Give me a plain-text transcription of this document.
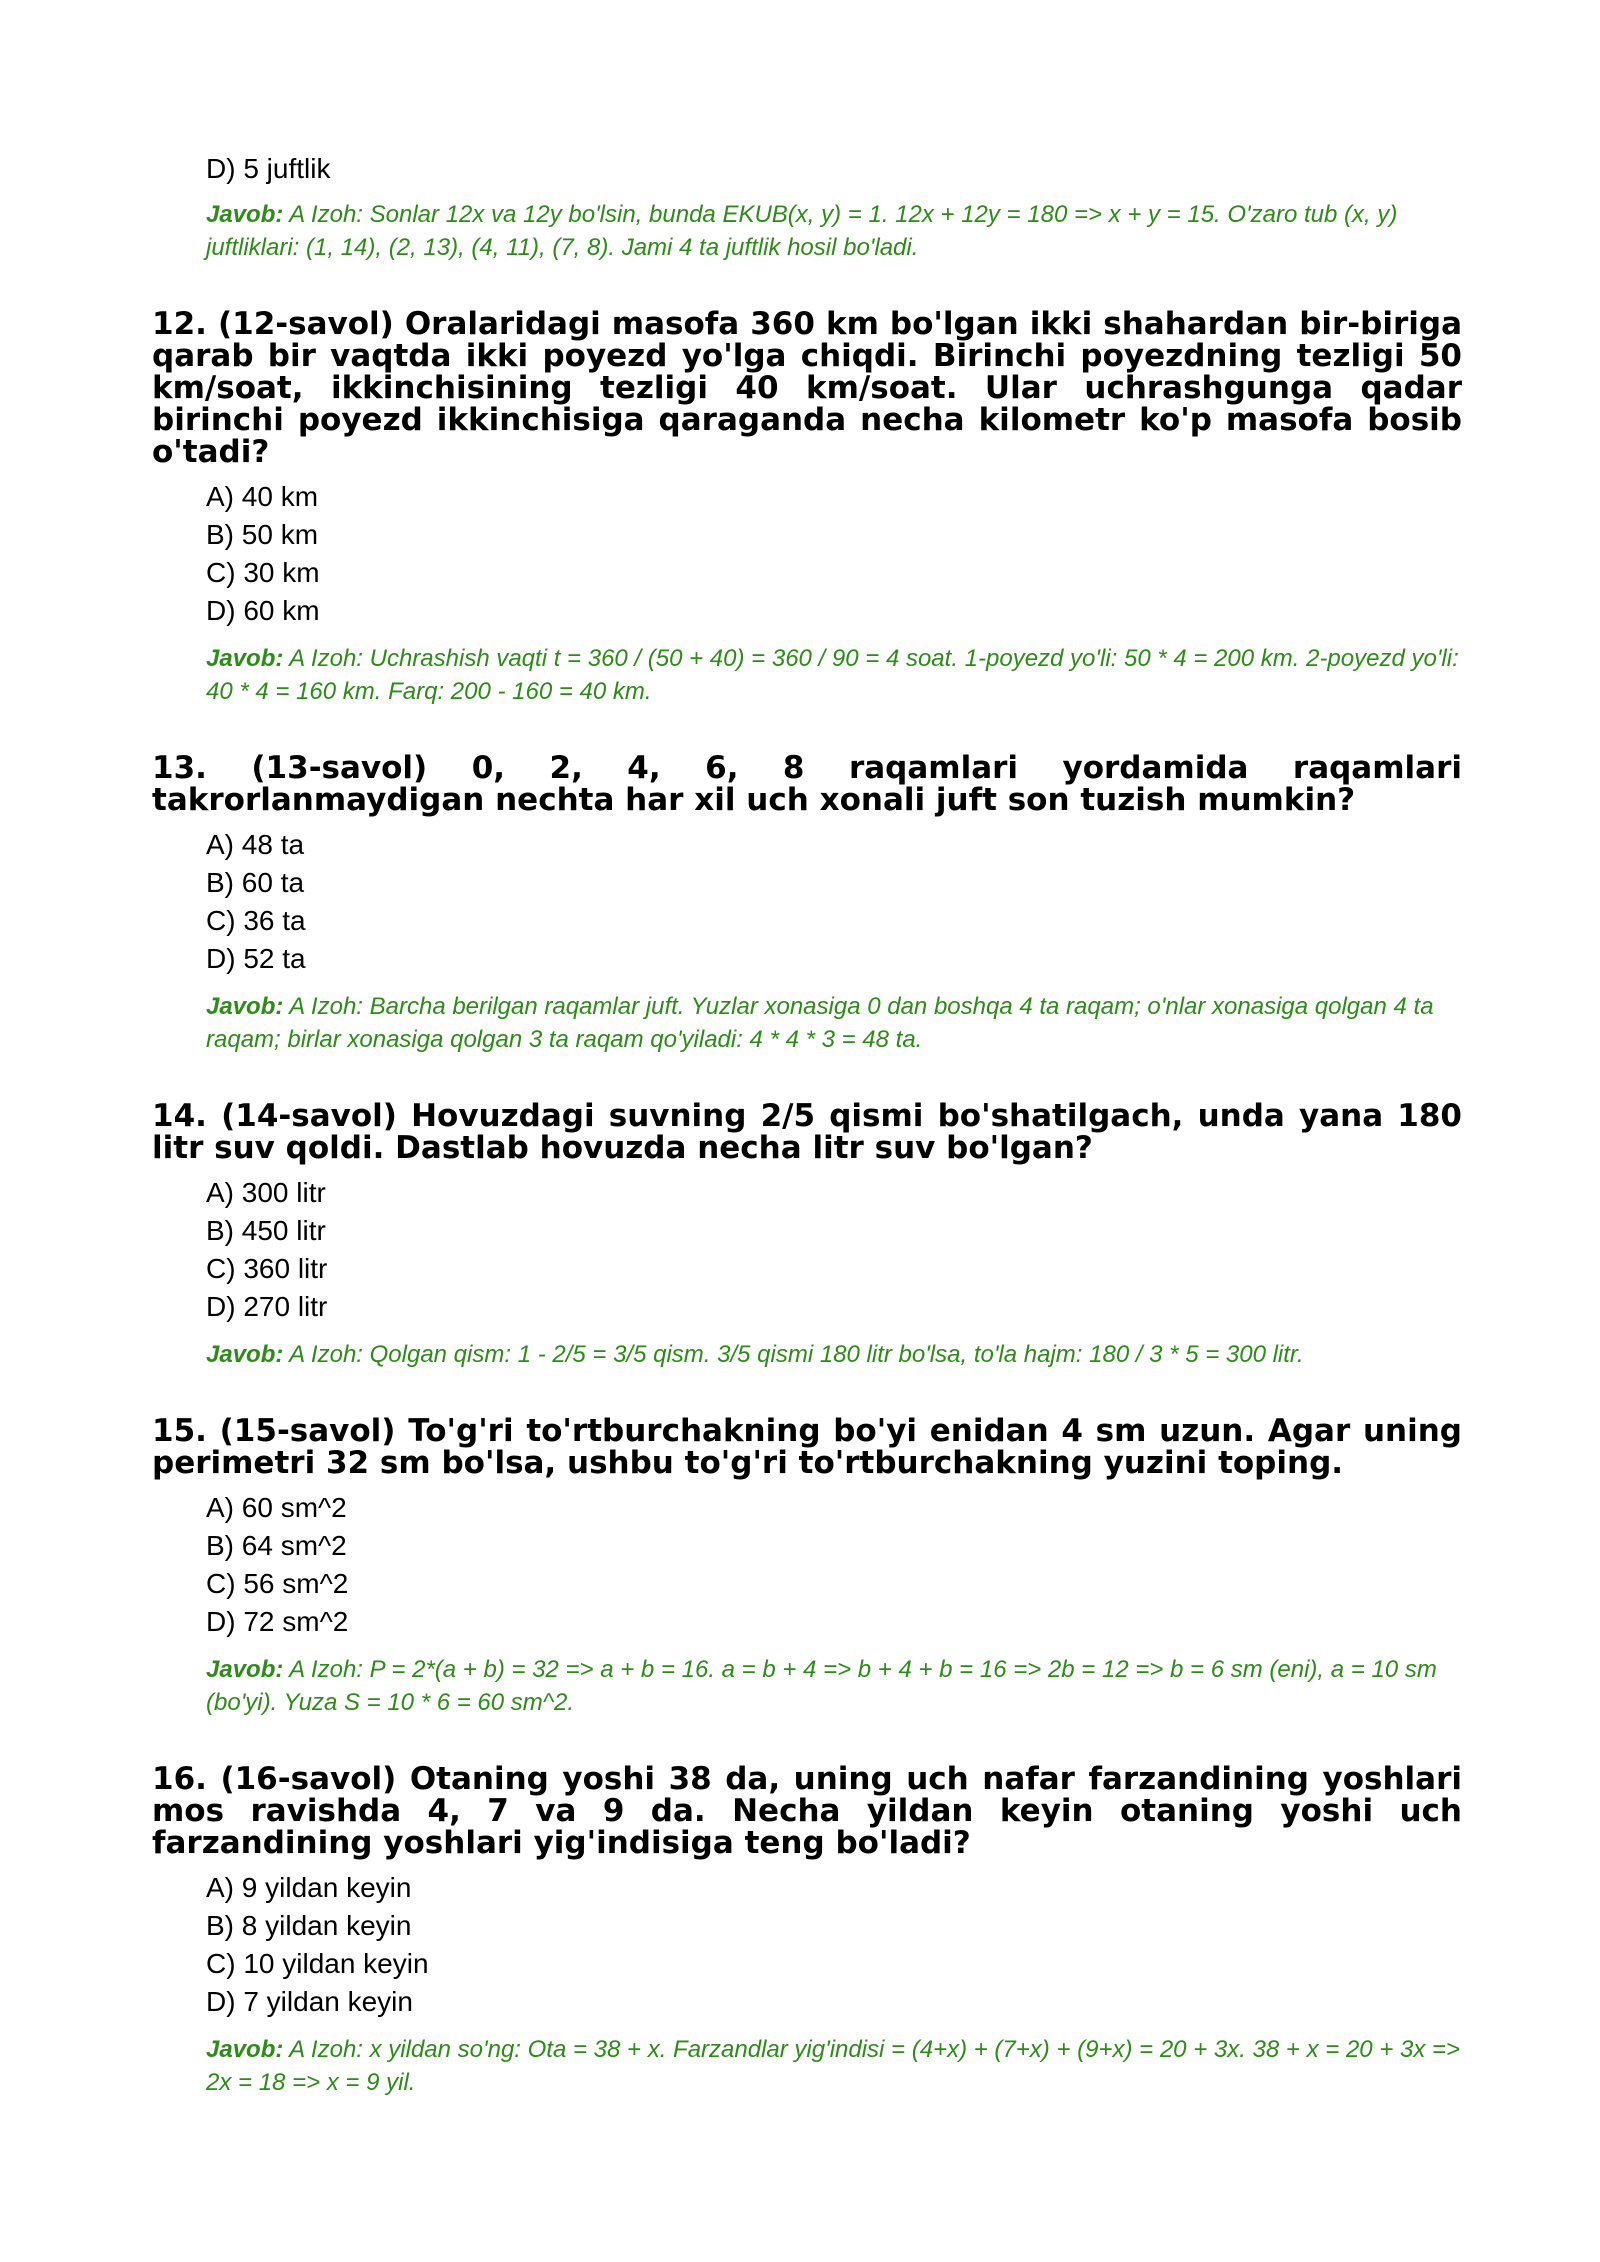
D) 5 juftlik
Javob: A Izoh: Sonlar 12x va 12y bo'lsin, bunda EKUB(x, y) = 1. 12x + 12y = 180 => x + y = 15. O'zaro tub (x, y) juftliklari: (1, 14), (2, 13), (4, 11), (7, 8). Jami 4 ta juftlik hosil bo'ladi.

12. (12-savol) Oralaridagi masofa 360 km bo'lgan ikki shahardan bir-biriga qarab bir vaqtda ikki poyezd yo'lga chiqdi. Birinchi poyezdning tezligi 50 km/soat, ikkinchisining tezligi 40 km/soat. Ular uchrashgunga qadar birinchi poyezd ikkinchisiga qaraganda necha kilometr ko'p masofa bosib o'tadi?

A) 40 km
B) 50 km
C) 30 km
D) 60 km
Javob: A Izoh: Uchrashish vaqti t = 360 / (50 + 40) = 360 / 90 = 4 soat. 1-poyezd yo'li: 50 * 4 = 200 km. 2-poyezd yo'li: 40 * 4 = 160 km. Farq: 200 - 160 = 40 km.

13. (13-savol) 0, 2, 4, 6, 8 raqamlari yordamida raqamlari takrorlanmaydigan nechta har xil uch xonali juft son tuzish mumkin?

A) 48 ta
B) 60 ta
C) 36 ta
D) 52 ta
Javob: A Izoh: Barcha berilgan raqamlar juft. Yuzlar xonasiga 0 dan boshqa 4 ta raqam; o'nlar xonasiga qolgan 4 ta raqam; birlar xonasiga qolgan 3 ta raqam qo'yiladi: 4 * 4 * 3 = 48 ta.

14. (14-savol) Hovuzdagi suvning 2/5 qismi bo'shatilgach, unda yana 180 litr suv qoldi. Dastlab hovuzda necha litr suv bo'lgan?

A) 300 litr
B) 450 litr
C) 360 litr
D) 270 litr
Javob: A Izoh: Qolgan qism: 1 - 2/5 = 3/5 qism. 3/5 qismi 180 litr bo'lsa, to'la hajm: 180 / 3 * 5 = 300 litr.

15. (15-savol) To'g'ri to'rtburchakning bo'yi enidan 4 sm uzun. Agar uning perimetri 32 sm bo'lsa, ushbu to'g'ri to'rtburchakning yuzini toping.

A) 60 sm^2
B) 64 sm^2
C) 56 sm^2
D) 72 sm^2
Javob: A Izoh: P = 2*(a + b) = 32 => a + b = 16. a = b + 4 => b + 4 + b = 16 => 2b = 12 => b = 6 sm (eni), a = 10 sm (bo'yi). Yuza S = 10 * 6 = 60 sm^2.

16. (16-savol) Otaning yoshi 38 da, uning uch nafar farzandining yoshlari mos ravishda 4, 7 va 9 da. Necha yildan keyin otaning yoshi uch farzandining yoshlari yig'indisiga teng bo'ladi?

A) 9 yildan keyin
B) 8 yildan keyin
C) 10 yildan keyin
D) 7 yildan keyin
Javob: A Izoh: x yildan so'ng: Ota = 38 + x. Farzandlar yig'indisi = (4+x) + (7+x) + (9+x) = 20 + 3x. 38 + x = 20 + 3x => 2x = 18 => x = 9 yil.
